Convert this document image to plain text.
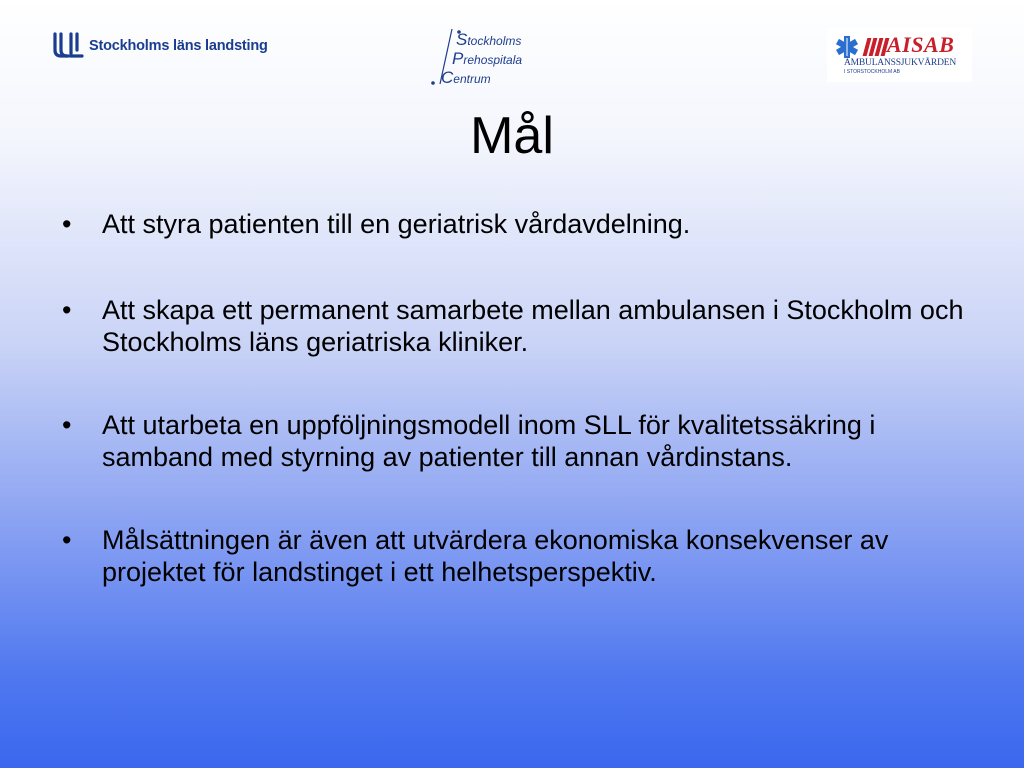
Stockholms läns landsting	Stockholms
Prehospitala
Centrum
AISAB
AMBULANSSJUKVÅRDEN
I STORSTOCKHOLM AB
Mål
• Att styra patienten till en geriatrisk vårdavdelning.
• Att skapa ett permanent samarbete mellan ambulansen i Stockholm och Stockholms läns geriatriska kliniker.
• Att utarbeta en uppföljningsmodell inom SLL för kvalitetssäkring i samband med styrning av patienter till annan vårdinstans.
• Målsättningen är även att utvärdera ekonomiska konsekvenser av projektet för landstinget i ett helhetsperspektiv.
